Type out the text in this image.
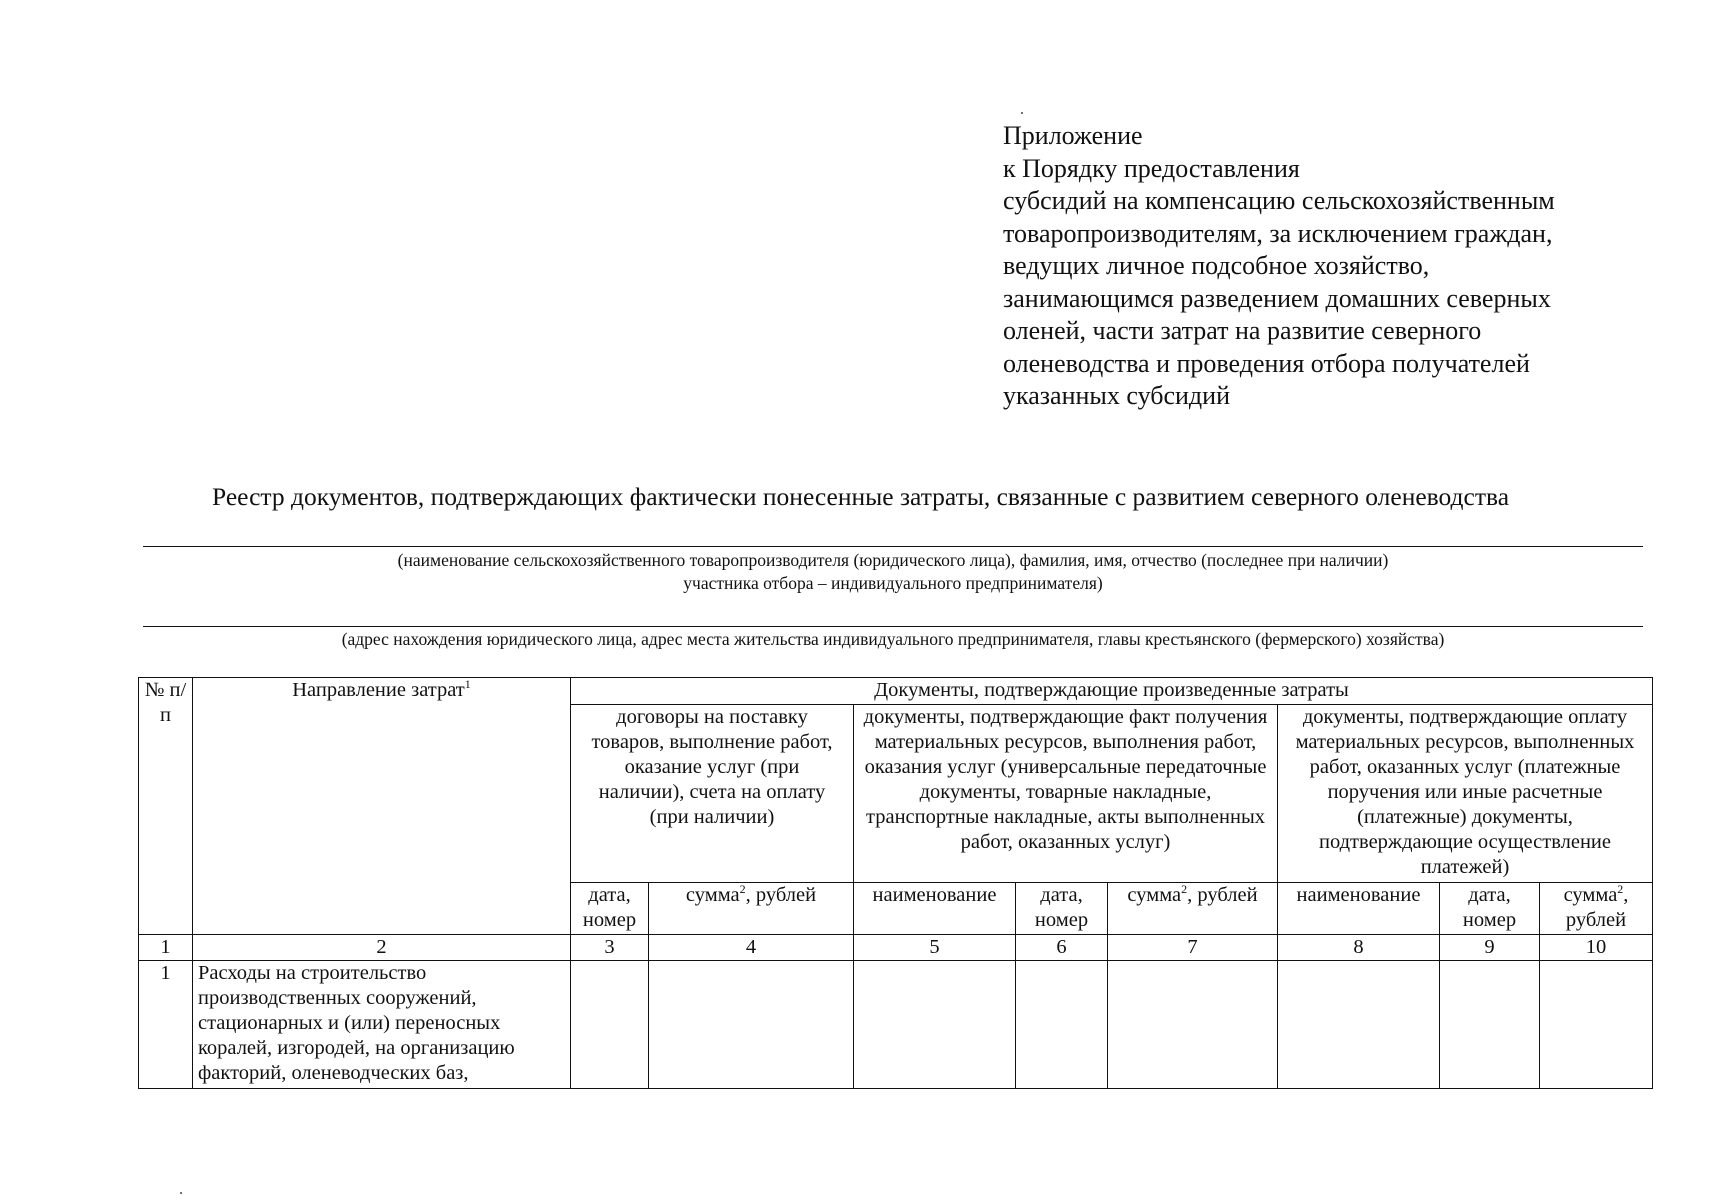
Приложение
к Порядку предоставления
субсидий на компенсацию сельскохозяйственным
товаропроизводителям, за исключением граждан,
ведущих личное подсобное хозяйство,
занимающимся разведением домашних северных
оленей, части затрат на развитие северного
оленеводства и проведения отбора получателей
указанных субсидий
Реестр документов, подтверждающих фактически понесенные затраты, связанные с развитием северного оленеводства
(наименование сельскохозяйственного товаропроизводителя (юридического лица), фамилия, имя, отчество (последнее при наличии)
участника отбора – индивидуального предпринимателя)
(адрес нахождения юридического лица, адрес места жительства индивидуального предпринимателя, главы крестьянского (фермерского) хозяйства)
№ п/п	Направление затрат$^1$	Документы, подтверждающие произведенные затраты							
		договоры на поставку товаров, выполнение работ, оказание услуг (при наличии), счета на оплату (при наличии)		документы, подтверждающие факт получения материальных ресурсов, выполнения работ, оказания услуг (универсальные передаточные документы, товарные накладные, транспортные накладные, акты выполненных работ, оказанных услуг)			документы, подтверждающие оплату материальных ресурсов, выполненных работ, оказанных услуг (платежные поручения или иные расчетные (платежные) документы, подтверждающие осуществление платежей)		
		дата, номер	сумма$^2$, рублей	наименование	дата, номер	сумма$^2$, рублей	наименование	дата, номер	сумма$^2$, рублей
1	2	3	4	5	6	7	8	9	10
1	Расходы на строительство производственных сооружений, стационарных и (или) переносных коралей, изгородей, на организацию факторий, оленеводческих баз,								
